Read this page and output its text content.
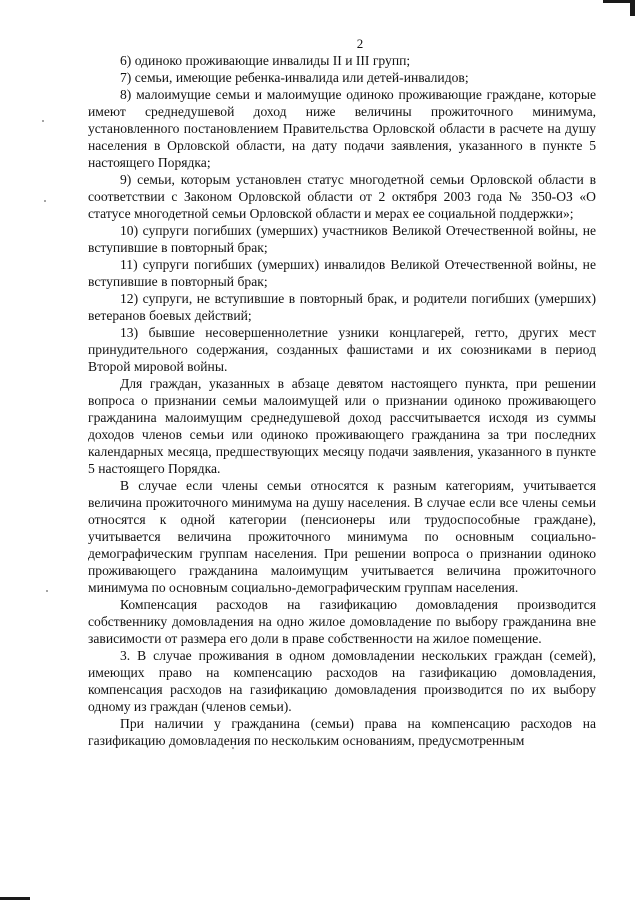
2

6) одиноко проживающие инвалиды II и III групп;

7) семьи, имеющие ребенка-инвалида или детей-инвалидов;

8) малоимущие семьи и малоимущие одиноко проживающие граждане, которые имеют среднедушевой доход ниже величины прожиточного минимума, установленного постановлением Правительства Орловской области в расчете на душу населения в Орловской области, на дату подачи заявления, указанного в пункте 5 настоящего Порядка;

9) семьи, которым установлен статус многодетной семьи Орловской области в соответствии с Законом Орловской области от 2 октября 2003 года № 350-ОЗ «О статусе многодетной семьи Орловской области и мерах ее социальной поддержки»;

10) супруги погибших (умерших) участников Великой Отечественной войны, не вступившие в повторный брак;

11) супруги погибших (умерших) инвалидов Великой Отечественной войны, не вступившие в повторный брак;

12) супруги, не вступившие в повторный брак, и родители погибших (умерших) ветеранов боевых действий;

13) бывшие несовершеннолетние узники концлагерей, гетто, других мест принудительного содержания, созданных фашистами и их союзниками в период Второй мировой войны.

Для граждан, указанных в абзаце девятом настоящего пункта, при решении вопроса о признании семьи малоимущей или о признании одиноко проживающего гражданина малоимущим среднедушевой доход рассчитывается исходя из суммы доходов членов семьи или одиноко проживающего гражданина за три последних календарных месяца, предшествующих месяцу подачи заявления, указанного в пункте 5 настоящего Порядка.

В случае если члены семьи относятся к разным категориям, учитывается величина прожиточного минимума на душу населения. В случае если все члены семьи относятся к одной категории (пенсионеры или трудоспособные граждане), учитывается величина прожиточного минимума по основным социально-демографическим группам населения. При решении вопроса о признании одиноко проживающего гражданина малоимущим учитывается величина прожиточного минимума по основным социально-демографическим группам населения.

Компенсация расходов на газификацию домовладения производится собственнику домовладения на одно жилое домовладение по выбору гражданина вне зависимости от размера его доли в праве собственности на жилое помещение.

3. В случае проживания в одном домовладении нескольких граждан (семей), имеющих право на компенсацию расходов на газификацию домовладения, компенсация расходов на газификацию домовладения производится по их выбору одному из граждан (членов семьи).

При наличии у гражданина (семьи) права на компенсацию расходов на газификацию домовладения по нескольким основаниям, предусмотренным
